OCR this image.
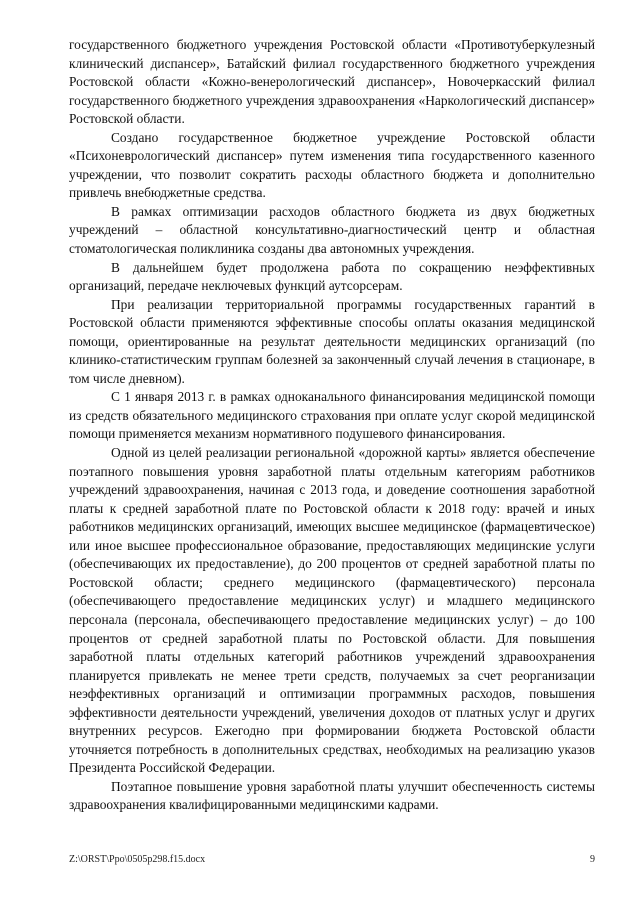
государственного бюджетного учреждения Ростовской области «Противотуберкулезный клинический диспансер», Батайский филиал государственного бюджетного учреждения Ростовской области «Кожно-венерологический диспансер», Новочеркасский филиал государственного бюджетного учреждения здравоохранения «Наркологический диспансер» Ростовской области.

Создано государственное бюджетное учреждение Ростовской области «Психоневрологический диспансер» путем изменения типа государственного казенного учреждении, что позволит сократить расходы областного бюджета и дополнительно привлечь внебюджетные средства.

В рамках оптимизации расходов областного бюджета из двух бюджетных учреждений – областной консультативно-диагностический центр и областная стоматологическая поликлиника созданы два автономных учреждения.

В дальнейшем будет продолжена работа по сокращению неэффективных организаций, передаче неключевых функций аутсорсерам.

При реализации территориальной программы государственных гарантий в Ростовской области применяются эффективные способы оплаты оказания медицинской помощи, ориентированные на результат деятельности медицинских организаций (по клинико-статистическим группам болезней за законченный случай лечения в стационаре, в том числе дневном).

С 1 января 2013 г. в рамках одноканального финансирования медицинской помощи из средств обязательного медицинского страхования при оплате услуг скорой медицинской помощи применяется механизм нормативного подушевого финансирования.

Одной из целей реализации региональной «дорожной карты» является обеспечение поэтапного повышения уровня заработной платы отдельным категориям работников учреждений здравоохранения, начиная с 2013 года, и доведение соотношения заработной платы к средней заработной плате по Ростовской области к 2018 году: врачей и иных работников медицинских организаций, имеющих высшее медицинское (фармацевтическое) или иное высшее профессиональное образование, предоставляющих медицинские услуги (обеспечивающих их предоставление), до 200 процентов от средней заработной платы по Ростовской области; среднего медицинского (фармацевтического) персонала (обеспечивающего предоставление медицинских услуг) и младшего медицинского персонала (персонала, обеспечивающего предоставление медицинских услуг) – до 100 процентов от средней заработной платы по Ростовской области. Для повышения заработной платы отдельных категорий работников учреждений здравоохранения планируется привлекать не менее трети средств, получаемых за счет реорганизации неэффективных организаций и оптимизации программных расходов, повышения эффективности деятельности учреждений, увеличения доходов от платных услуг и других внутренних ресурсов. Ежегодно при формировании бюджета Ростовской области уточняется потребность в дополнительных средствах, необходимых на реализацию указов Президента Российской Федерации.

Поэтапное повышение уровня заработной платы улучшит обеспеченность системы здравоохранения квалифицированными медицинскими кадрами.

Z:\ORST\Ppo\0505p298.f15.docx	9
